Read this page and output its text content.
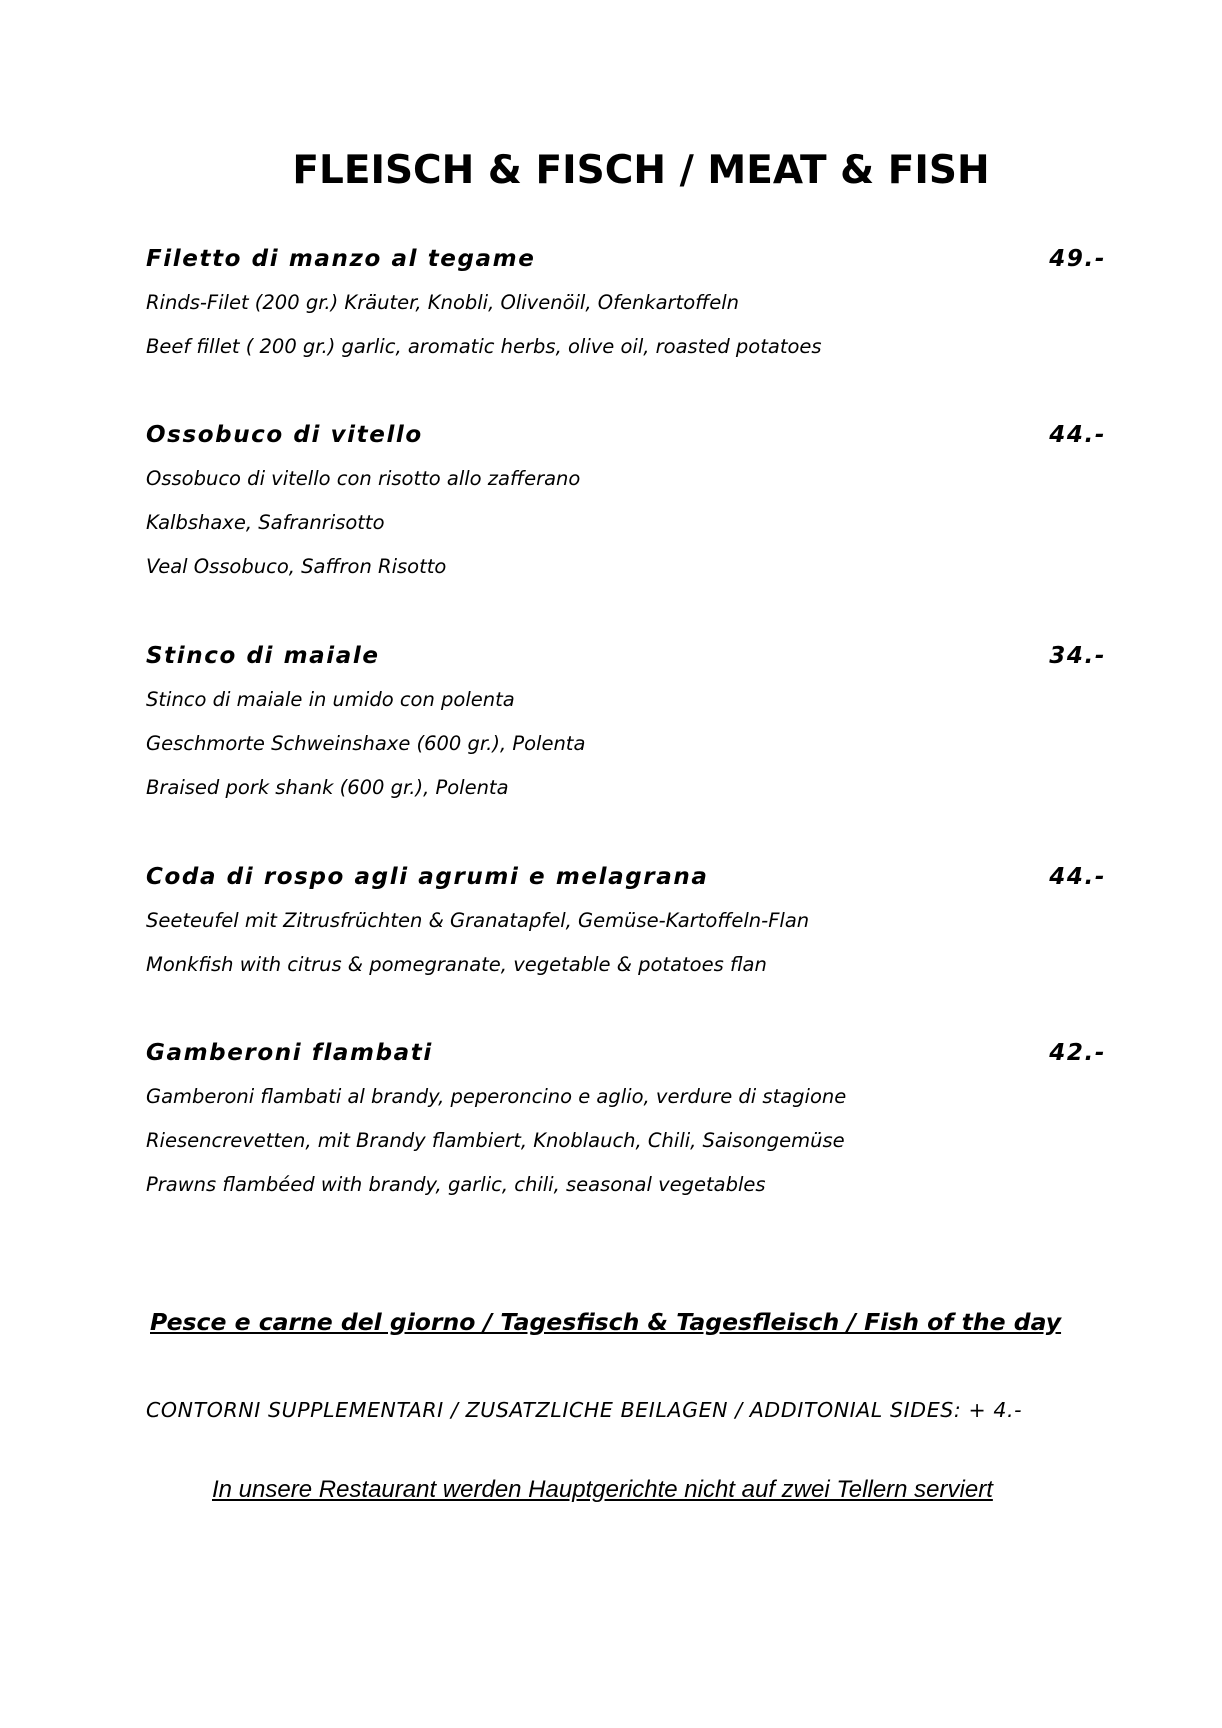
FLEISCH & FISCH / MEAT & FISH
Filetto di manzo al tegame	49.-
Rinds-Filet (200 gr.) Kräuter, Knobli, Olivenöil, Ofenkartoffeln
Beef fillet ( 200 gr.) garlic, aromatic herbs, olive oil, roasted potatoes
Ossobuco di vitello	44.-
Ossobuco di vitello con risotto allo zafferano
Kalbshaxe, Safranrisotto
Veal Ossobuco, Saffron Risotto
Stinco di maiale	34.-
Stinco di maiale in umido con polenta
Geschmorte Schweinshaxe (600 gr.), Polenta
Braised pork shank (600 gr.), Polenta
Coda di rospo agli agrumi e melagrana	44.-
Seeteufel mit Zitrusfrüchten & Granatapfel, Gemüse-Kartoffeln-Flan
Monkfish with citrus & pomegranate, vegetable & potatoes flan
Gamberoni flambati	42.-
Gamberoni flambati al brandy, peperoncino e aglio, verdure di stagione
Riesencrevetten, mit Brandy flambiert, Knoblauch, Chili, Saisongemüse
Prawns flambéed with brandy, garlic, chili, seasonal vegetables
Pesce e carne del giorno / Tagesfisch & Tagesfleisch / Fish of the day
CONTORNI SUPPLEMENTARI / ZUSATZLICHE BEILAGEN / ADDITONIAL SIDES: + 4.-
In unsere Restaurant werden Hauptgerichte nicht auf zwei Tellern serviert
